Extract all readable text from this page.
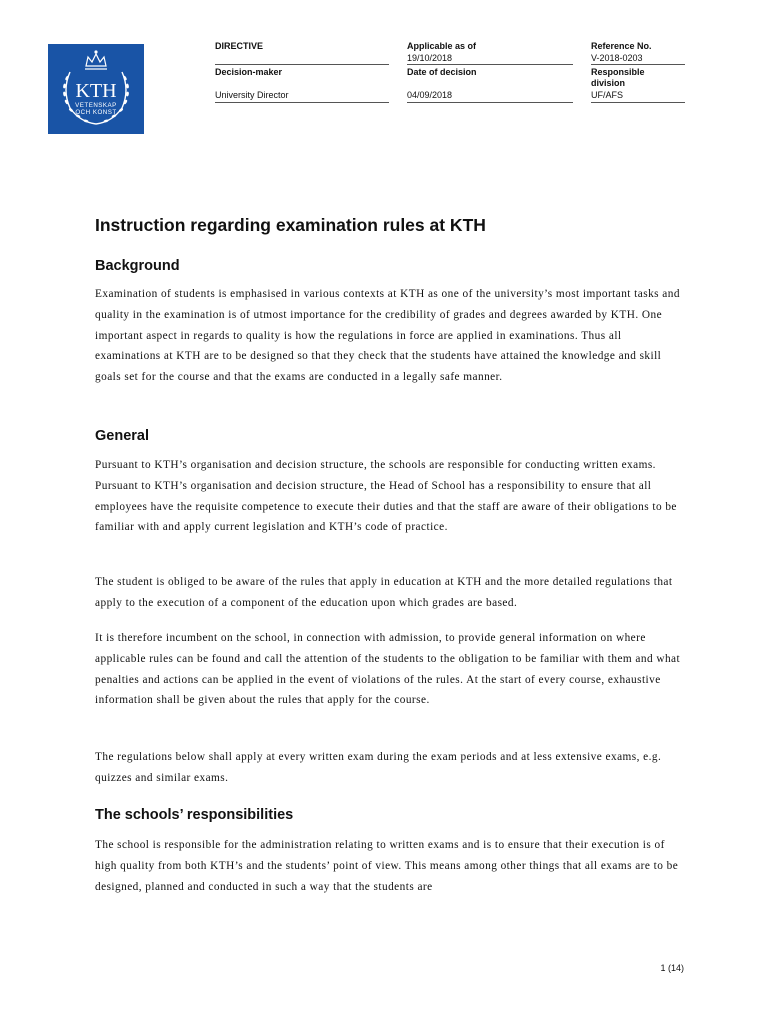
KTH
VETENSKAP
OCH KONST
DIRECTIVE
Decision-maker
University Director
Applicable as of
19/10/2018
Date of decision
04/09/2018
Reference No.
V-2018-0203
Responsible division
UF/AFS
Instruction regarding examination rules at KTH
Background

Examination of students is emphasised in various contexts at KTH as one of the university’s most important tasks and quality in the examination is of utmost importance for the credibility of grades and degrees awarded by KTH. One important aspect in regards to quality is how the regulations in force are applied in examinations. Thus all examinations at KTH are to be designed so that they check that the students have attained the knowledge and skill goals set for the course and that the exams are conducted in a legally safe manner.

General

Pursuant to KTH’s organisation and decision structure, the schools are responsible for conducting written exams. Pursuant to KTH’s organisation and decision structure, the Head of School has a responsibility to ensure that all employees have the requisite competence to execute their duties and that the staff are aware of their obligations to be familiar with and apply current legislation and KTH’s code of practice.

The student is obliged to be aware of the rules that apply in education at KTH and the more detailed regulations that apply to the execution of a component of the education upon which grades are based.

It is therefore incumbent on the school, in connection with admission, to provide general information on where applicable rules can be found and call the attention of the students to the obligation to be familiar with them and what penalties and actions can be applied in the event of violations of the rules. At the start of every course, exhaustive information shall be given about the rules that apply for the course.

The regulations below shall apply at every written exam during the exam periods and at less extensive exams, e.g. quizzes and similar exams.

The schools’ responsibilities

The school is responsible for the administration relating to written exams and is to ensure that their execution is of high quality from both KTH’s and the students’ point of view. This means among other things that all exams are to be designed, planned and conducted in such a way that the students are

1 (14)
